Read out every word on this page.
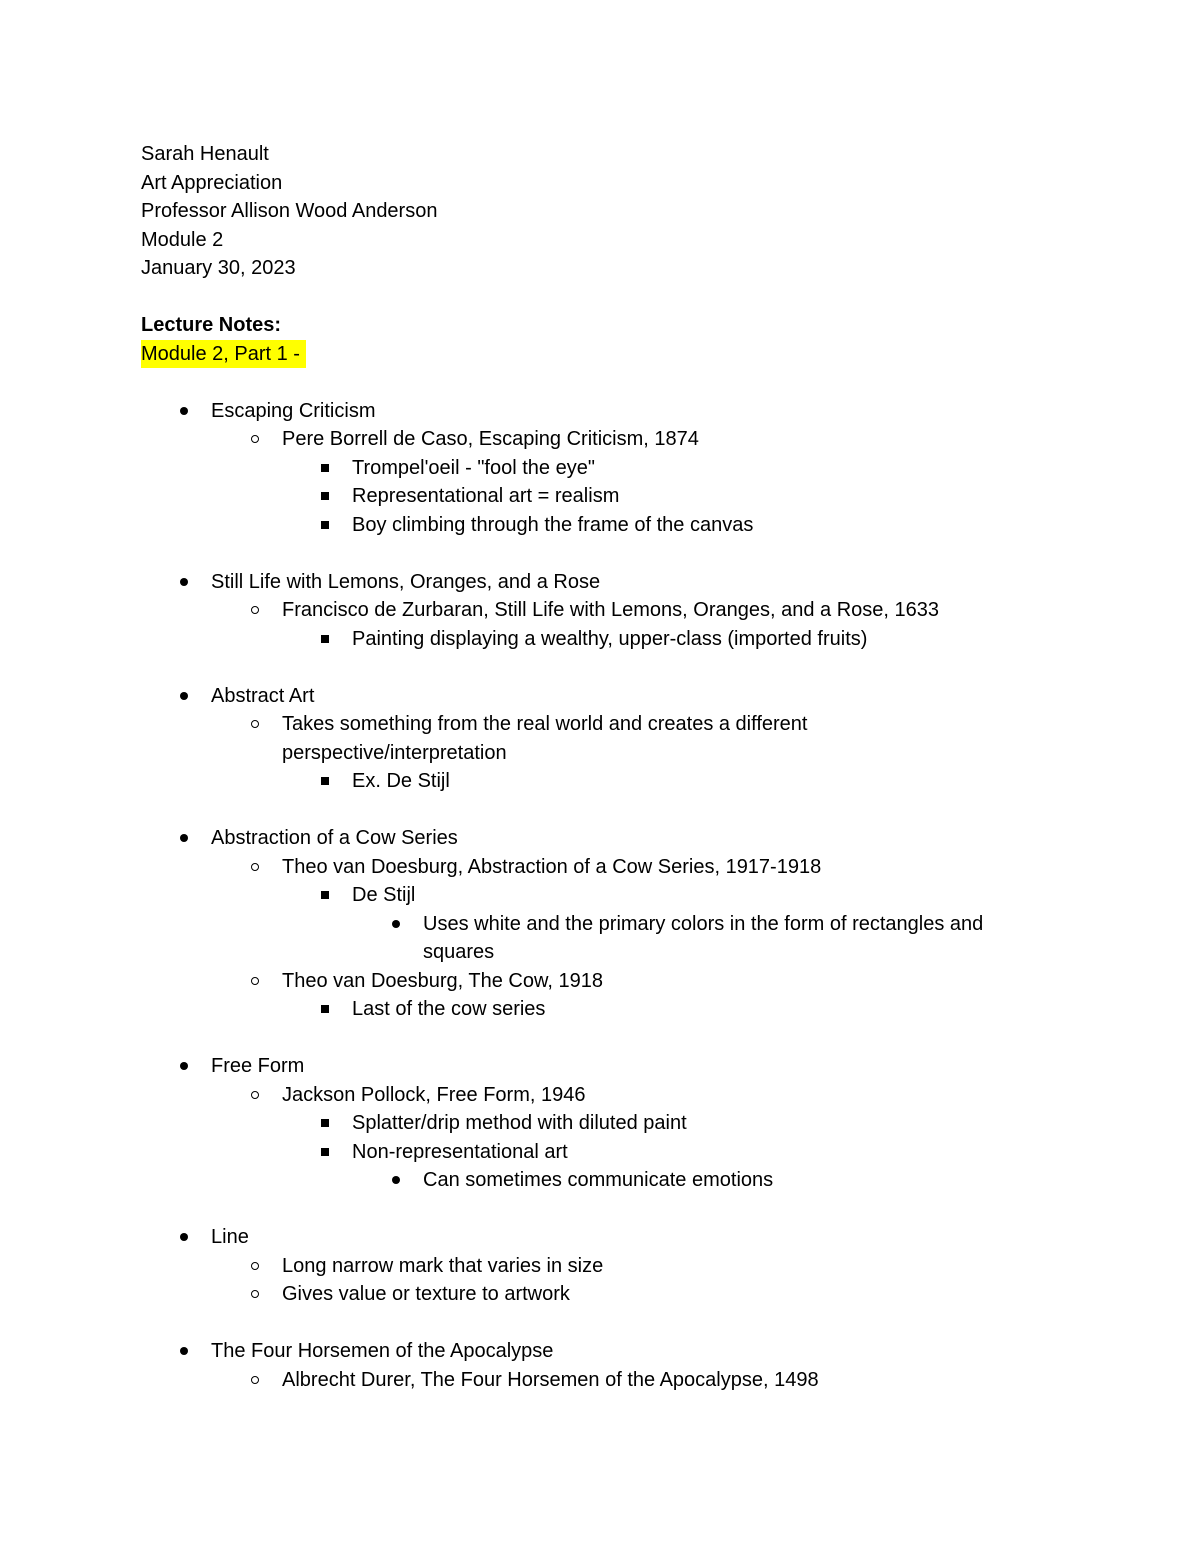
Sarah Henault
Art Appreciation
Professor Allison Wood Anderson
Module 2
January 30, 2023
Lecture Notes:
Module 2, Part 1 -
Escaping Criticism
Pere Borrell de Caso, Escaping Criticism, 1874
Trompel'oeil - "fool the eye"
Representational art = realism
Boy climbing through the frame of the canvas
Still Life with Lemons, Oranges, and a Rose
Francisco de Zurbaran, Still Life with Lemons, Oranges, and a Rose, 1633
Painting displaying a wealthy, upper-class (imported fruits)
Abstract Art
Takes something from the real world and creates a different
perspective/interpretation
Ex. De Stijl
Abstraction of a Cow Series
Theo van Doesburg, Abstraction of a Cow Series, 1917-1918
De Stijl
Uses white and the primary colors in the form of rectangles and
squares
Theo van Doesburg, The Cow, 1918
Last of the cow series
Free Form
Jackson Pollock, Free Form, 1946
Splatter/drip method with diluted paint
Non-representational art
Can sometimes communicate emotions
Line
Long narrow mark that varies in size
Gives value or texture to artwork
The Four Horsemen of the Apocalypse
Albrecht Durer, The Four Horsemen of the Apocalypse, 1498
